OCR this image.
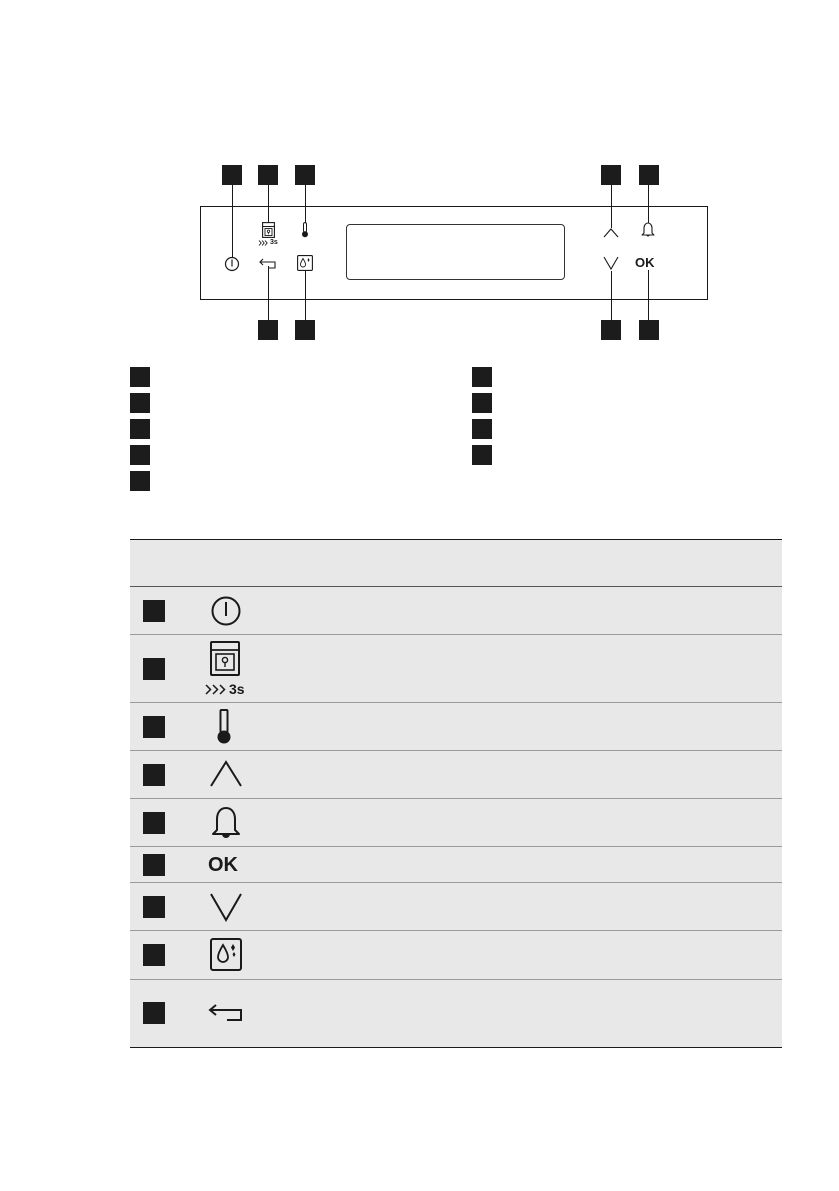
3s
OK
3s
OK
